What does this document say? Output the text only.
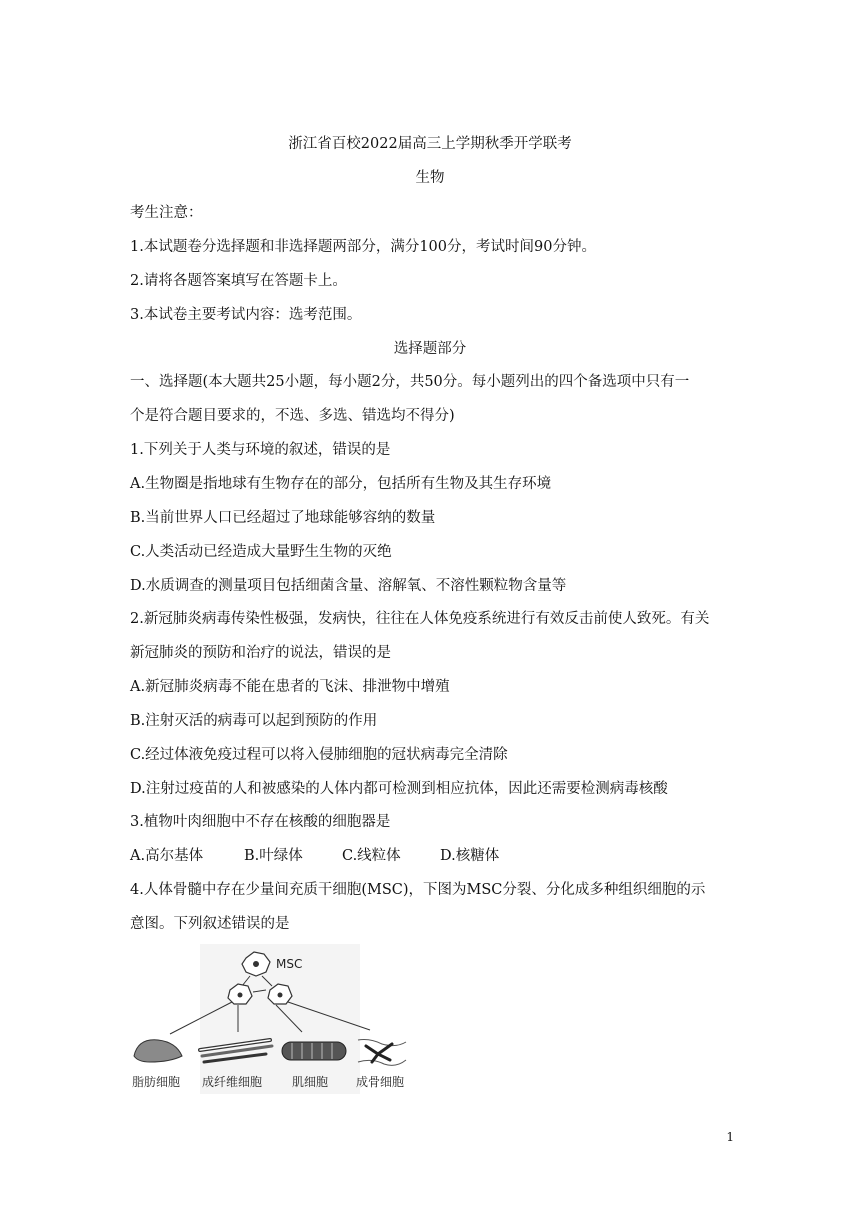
浙江省百校2022届高三上学期秋季开学联考
生物
考生注意：
1.本试题卷分选择题和非选择题两部分，满分100分，考试时间90分钟。
2.请将各题答案填写在答题卡上。
3.本试卷主要考试内容：选考范围。
选择题部分
一、选择题(本大题共25小题，每小题2分，共50分。每小题列出的四个备选项中只有一
个是符合题目要求的，不选、多选、错选均不得分)
1.下列关于人类与环境的叙述，错误的是
A.生物圈是指地球有生物存在的部分，包括所有生物及其生存环境
B.当前世界人口已经超过了地球能够容纳的数量
C.人类活动已经造成大量野生生物的灭绝
D.水质调查的测量项目包括细菌含量、溶解氧、不溶性颗粒物含量等
2.新冠肺炎病毒传染性极强，发病快，往往在人体免疫系统进行有效反击前使人致死。有关
新冠肺炎的预防和治疗的说法，错误的是
A.新冠肺炎病毒不能在患者的飞沫、排泄物中增殖
B.注射灭活的病毒可以起到预防的作用
C.经过体液免疫过程可以将入侵肺细胞的冠状病毒完全清除
D.注射过疫苗的人和被感染的人体内都可检测到相应抗体，因此还需要检测病毒核酸
3.植物叶肉细胞中不存在核酸的细胞器是
A.高尔基体	B.叶绿体	C.线粒体	D.核糖体
4.人体骨髓中存在少量间充质干细胞(MSC)，下图为MSC分裂、分化成多种组织细胞的示
意图。下列叙述错误的是
MSC
脂肪细胞 成纤维细胞 肌细胞 成骨细胞
1
